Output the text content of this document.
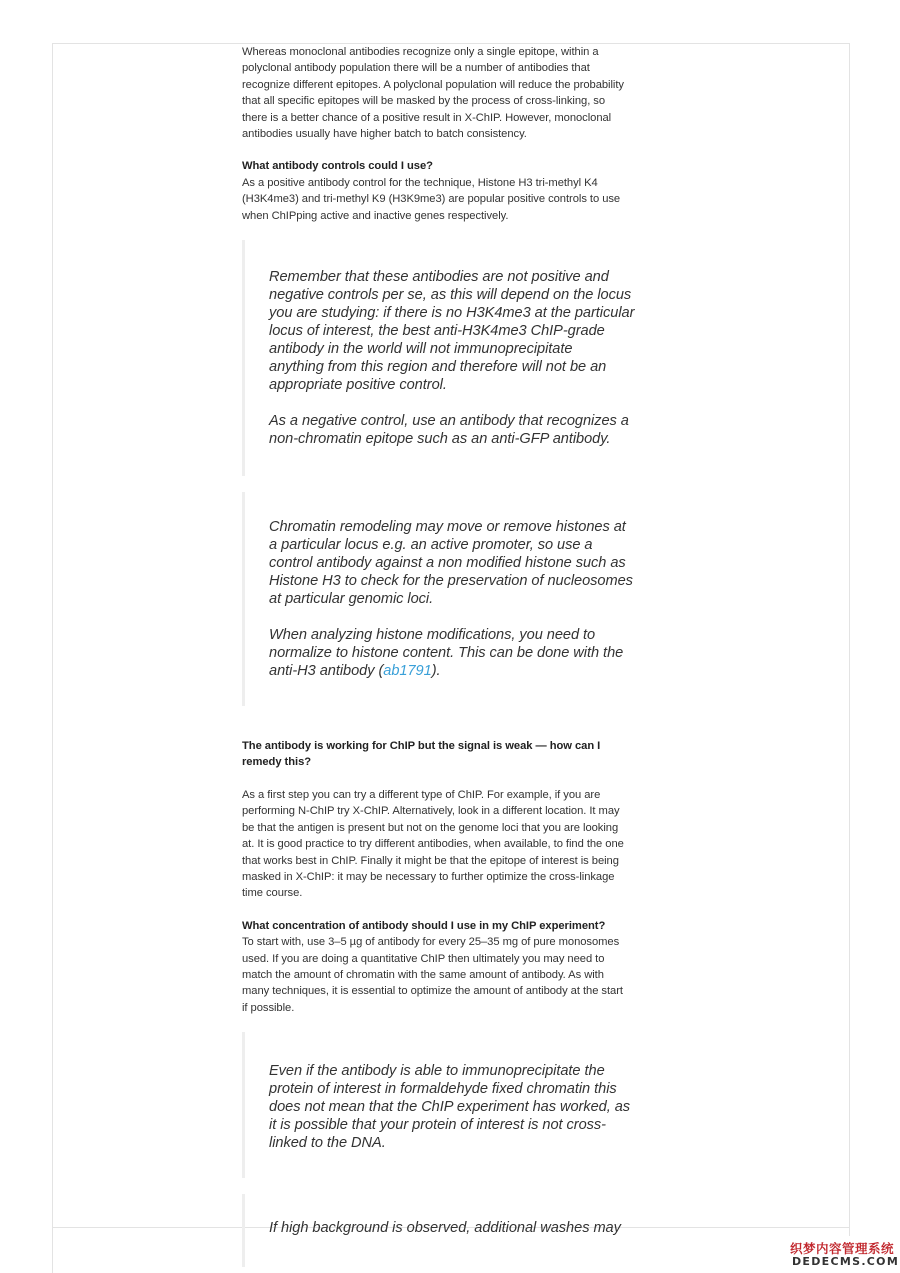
Whereas monoclonal antibodies recognize only a single epitope, within a

polyclonal antibody population there will be a number of antibodies that

recognize different epitopes. A polyclonal population will reduce the probability

that all specific epitopes will be masked by the process of cross-linking, so

there is a better chance of a positive result in X-ChIP. However, monoclonal

antibodies usually have higher batch to batch consistency.

What antibody controls could I use?

As a positive antibody control for the technique, Histone H3 tri-methyl K4

(H3K4me3) and tri-methyl K9 (H3K9me3) are popular positive controls to use

when ChIPping active and inactive genes respectively.

Remember that these antibodies are not positive and

negative controls per se, as this will depend on the locus

you are studying: if there is no H3K4me3 at the particular

locus of interest, the best anti-H3K4me3 ChIP-grade

antibody in the world will not immunoprecipitate

anything from this region and therefore will not be an

appropriate positive control.

As a negative control, use an antibody that recognizes a

non-chromatin epitope such as an anti-GFP antibody.

Chromatin remodeling may move or remove histones at

a particular locus e.g. an active promoter, so use a

control antibody against a non modified histone such as

Histone H3 to check for the preservation of nucleosomes

at particular genomic loci.

When analyzing histone modifications, you need to

normalize to histone content. This can be done with the

anti-H3 antibody (ab1791).

The antibody is working for ChIP but the signal is weak — how can I

remedy this?

As a first step you can try a different type of ChIP. For example, if you are

performing N-ChIP try X-ChIP. Alternatively, look in a different location. It may

be that the antigen is present but not on the genome loci that you are looking

at. It is good practice to try different antibodies, when available, to find the one

that works best in ChIP. Finally it might be that the epitope of interest is being

masked in X-ChIP: it may be necessary to further optimize the cross-linkage

time course.

What concentration of antibody should I use in my ChIP experiment?

To start with, use 3–5 µg of antibody for every 25–35 mg of pure monosomes

used. If you are doing a quantitative ChIP then ultimately you may need to

match the amount of chromatin with the same amount of antibody. As with

many techniques, it is essential to optimize the amount of antibody at the start

if possible.

Even if the antibody is able to immunoprecipitate the

protein of interest in formaldehyde fixed chromatin this

does not mean that the ChIP experiment has worked, as

it is possible that your protein of interest is not cross-

linked to the DNA.

If high background is observed, additional washes may

织梦内容管理系统
DEDECMS.COM
